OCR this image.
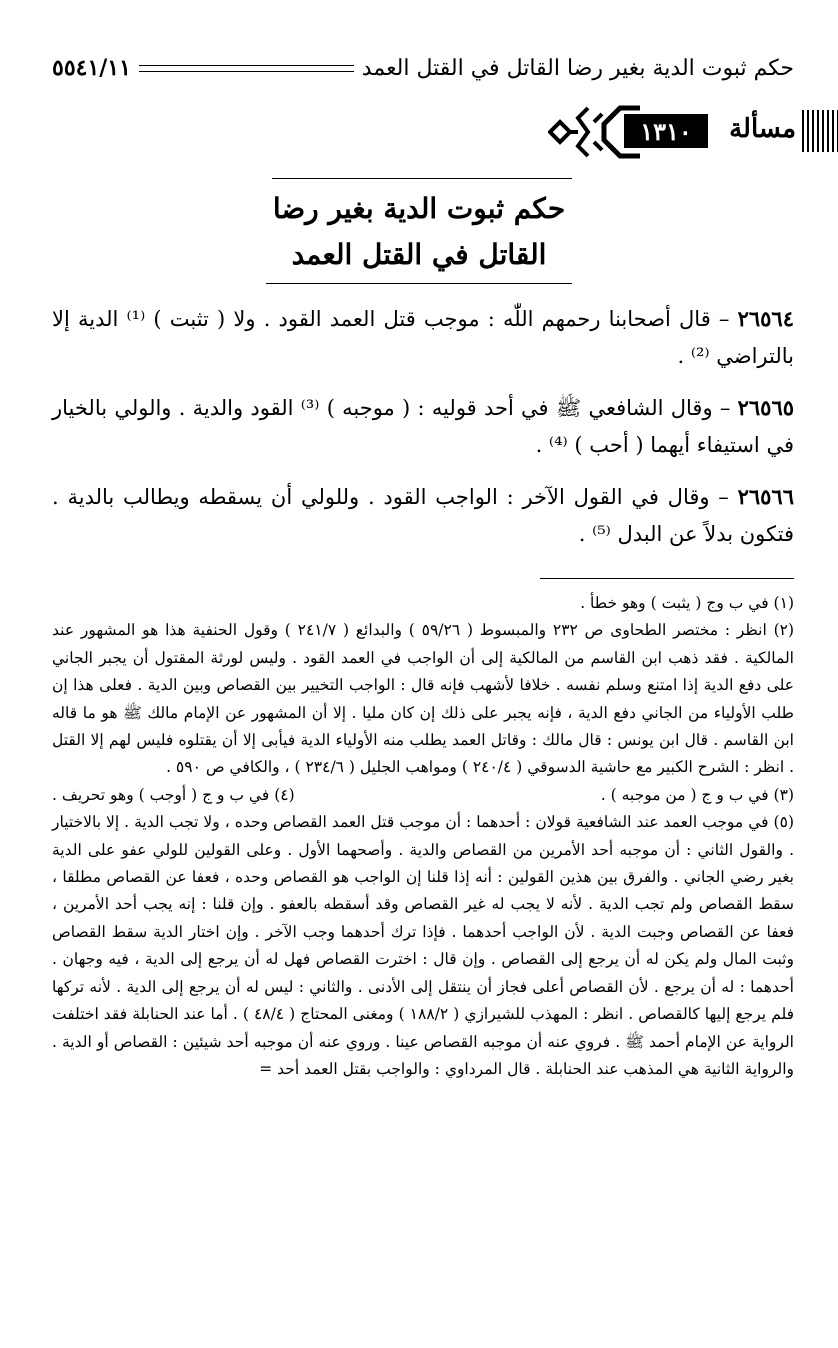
حكم ثبوت الدية بغير رضا القاتل في القتل العمد
٥٥٤١/١١
مسألة
١٣١٠
حكم ثبوت الدية بغير رضا
القاتل في القتل العمد

٢٦٥٦٤ – قال أصحابنا رحمهم اللّٰه : موجب قتل العمد القود . ولا ( تثبت ) ⁽¹⁾ الدية إلا بالتراضي ⁽²⁾ .

٢٦٥٦٥ – وقال الشافعي ﷺ في أحد قوليه : ( موجبه ) ⁽³⁾ القود والدية . والولي بالخيار في استيفاء أيهما ( أحب ) ⁽⁴⁾ .

٢٦٥٦٦ – وقال في القول الآخر : الواجب القود . وللولي أن يسقطه ويطالب بالدية . فتكون بدلاً عن البدل ⁽⁵⁾ .

(١) في ب وج ( يثبت ) وهو خطأ .

(٢) انظر : مختصر الطحاوى ص ٢٣٢ والمبسوط ( ٥٩/٢٦ ) والبدائع ( ٢٤١/٧ ) وقول الحنفية هذا هو المشهور عند المالكية . فقد ذهب ابن القاسم من المالكية إلى أن الواجب في العمد القود . وليس لورثة المقتول أن يجبر الجاني على دفع الدية إذا امتنع وسلم نفسه . خلافا لأشهب فإنه قال : الواجب التخيير بين القصاص وبين الدية . فعلى هذا إن طلب الأولياء من الجاني دفع الدية ، فإنه يجبر على ذلك إن كان مليا . إلا أن المشهور عن الإمام مالك ﷺ هو ما قاله ابن القاسم . قال ابن يونس : قال مالك : وقاتل العمد يطلب منه الأولياء الدية فيأبى إلا أن يقتلوه فليس لهم إلا القتل . انظر : الشرح الكبير مع حاشية الدسوقي ( ٢٤٠/٤ ) ومواهب الجليل ( ٢٣٤/٦ ) ، والكافي ص ٥٩٠ .

(٣) في ب و ج ( من موجبه ) .
(٤) في ب و ج ( أوجب ) وهو تحريف .

(٥) في موجب العمد عند الشافعية قولان : أحدهما : أن موجب قتل العمد القصاص وحده ، ولا تجب الدية . إلا بالاختيار . والقول الثاني : أن موجبه أحد الأمرين من القصاص والدية . وأصحهما الأول . وعلى القولين للولي عفو على الدية بغير رضي الجاني . والفرق بين هذين القولين : أنه إذا قلنا إن الواجب هو القصاص وحده ، فعفا عن القصاص مطلقا ، سقط القصاص ولم تجب الدية . لأنه لا يجب له غير القصاص وقد أسقطه بالعفو . وإن قلنا : إنه يجب أحد الأمرين ، فعفا عن القصاص وجبت الدية . لأن الواجب أحدهما . فإذا ترك أحدهما وجب الآخر . وإن اختار الدية سقط القصاص وثبت المال ولم يكن له أن يرجع إلى القصاص . وإن قال : اخترت القصاص فهل له أن يرجع إلى الدية ، فيه وجهان . أحدهما : له أن يرجع . لأن القصاص أعلى فجاز أن ينتقل إلى الأدنى . والثاني : ليس له أن يرجع إلى الدية . لأنه تركها فلم يرجع إليها كالقصاص . انظر : المهذب للشيرازي ( ١٨٨/٢ ) ومغنى المحتاج ( ٤٨/٤ ) . أما عند الحنابلة فقد اختلفت الرواية عن الإمام أحمد ﷺ . فروي عنه أن موجبه القصاص عينا . وروي عنه أن موجبه أحد شيئين : القصاص أو الدية . والرواية الثانية هي المذهب عند الحنابلة . قال المرداوي : والواجب بقتل العمد أحد =
